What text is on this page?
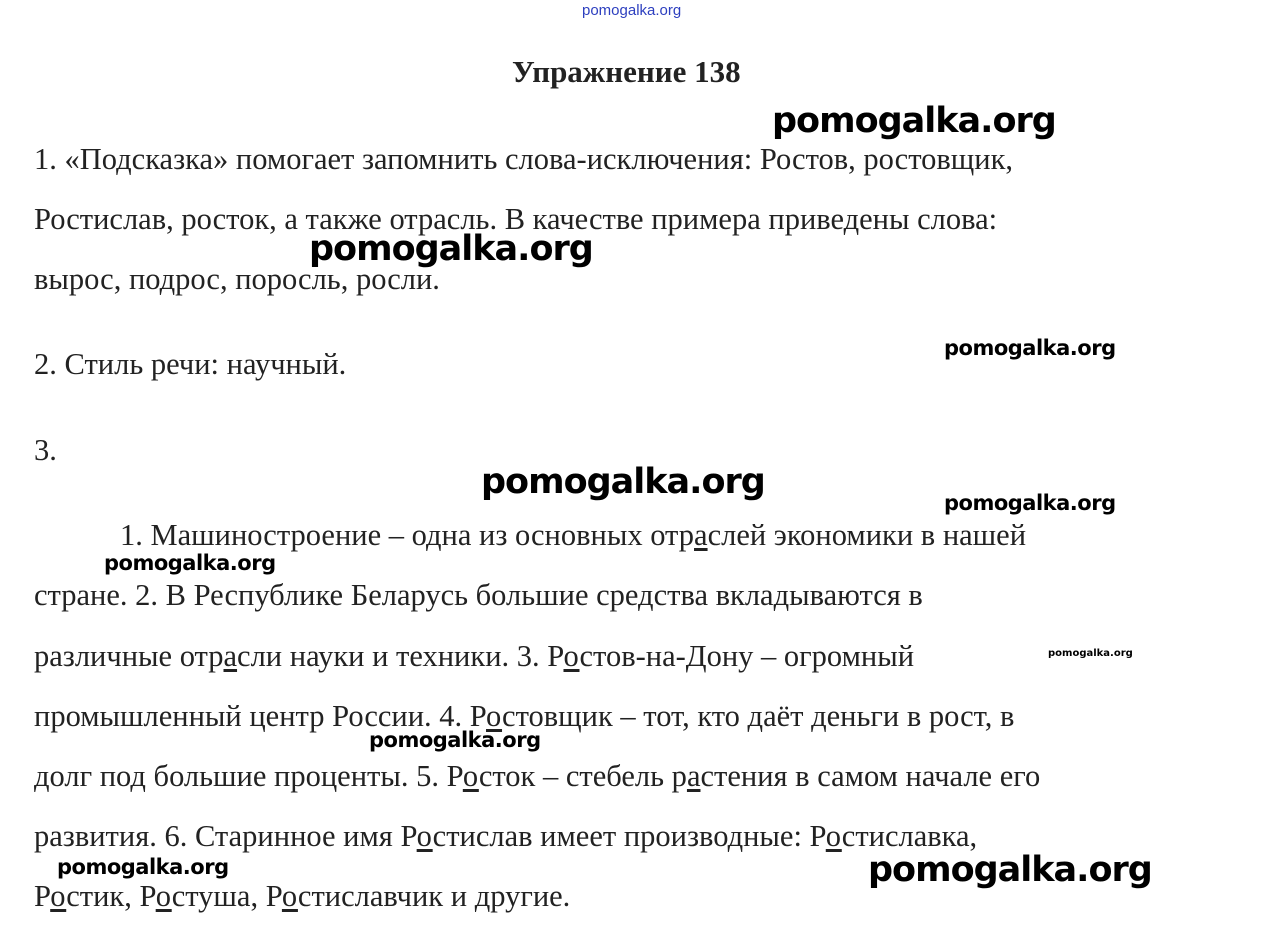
pomogalka.org
Упражнение 138
1. «Подсказка» помогает запомнить слова-исключения: Ростов, ростовщик,
Ростислав, росток, а также отрасль. В качестве примера приведены слова:
вырос, подрос, поросль, росли.
2. Стиль речи: научный.
3.
1. Машиностроение – одна из основных отраслей экономики в нашей
стране. 2. В Республике Беларусь большие средства вкладываются в
различные отрасли науки и техники. 3. Ростов-на-Дону – огромный
промышленный центр России. 4. Ростовщик – тот, кто даёт деньги в рост, в
долг под большие проценты. 5. Росток – стебель растения в самом начале его
развития. 6. Старинное имя Ростислав имеет производные: Ростиславка,
Ростик, Ростуша, Ростиславчик и другие.
pomogalka.org
pomogalka.org
pomogalka.org
pomogalka.org
pomogalka.org
pomogalka.org
pomogalka.org
pomogalka.org
pomogalka.org	pomogalka.org
